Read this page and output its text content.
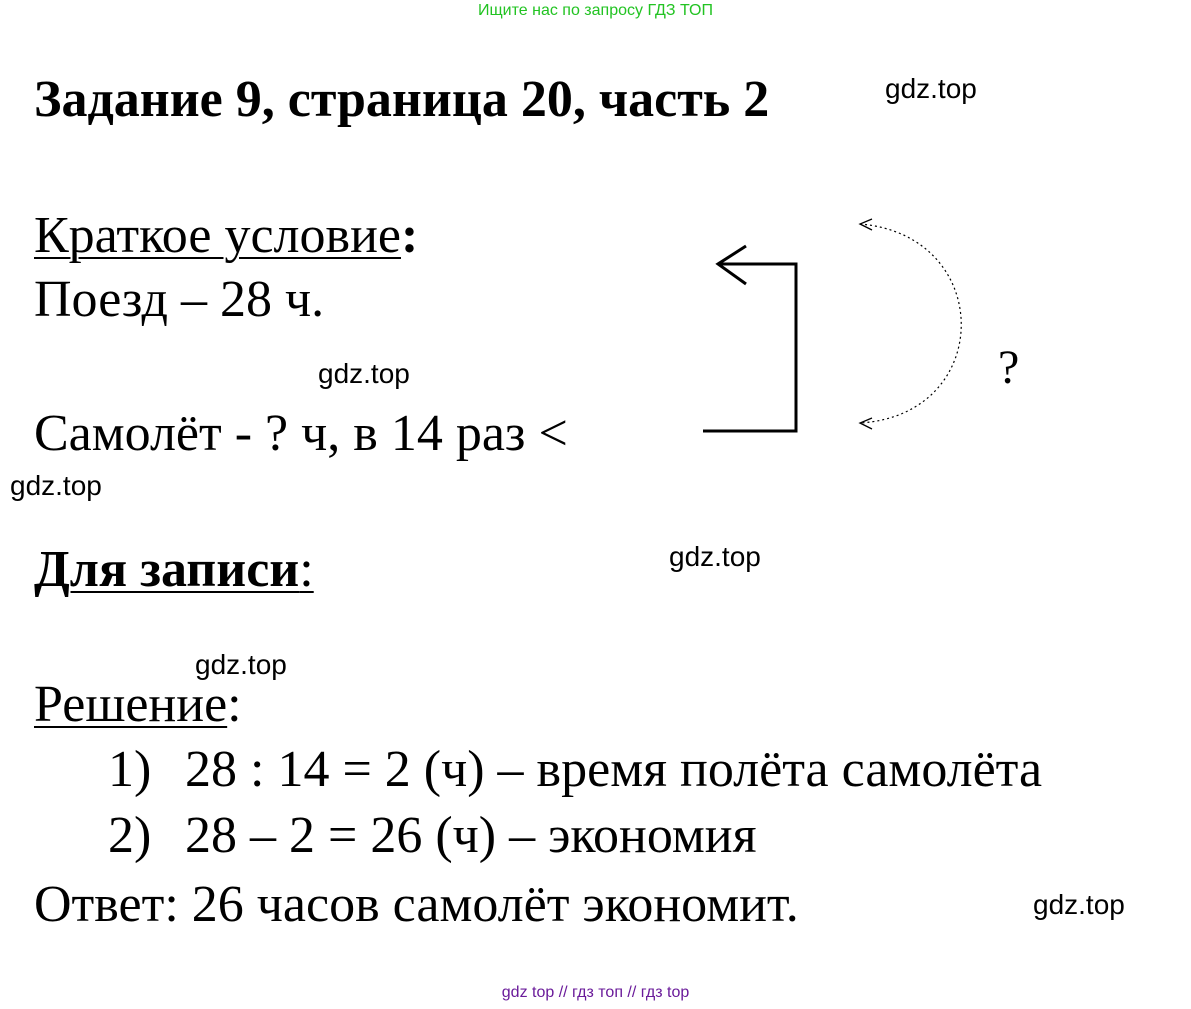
Ищите нас по запросу ГДЗ ТОП
Задание 9, страница 20, часть 2	gdz.top
Краткое условие:
Поезд – 28 ч.
gdz.top
Самолёт - ? ч, в 14 раз <
gdz.top
?
Для записи:	gdz.top
gdz.top
Решение:
1) 28 : 14 = 2 (ч) – время полёта самолёта
2) 28 – 2 = 26 (ч) – экономия
Ответ: 26 часов самолёт экономит.	gdz.top
gdz top // гдз топ // гдз top
